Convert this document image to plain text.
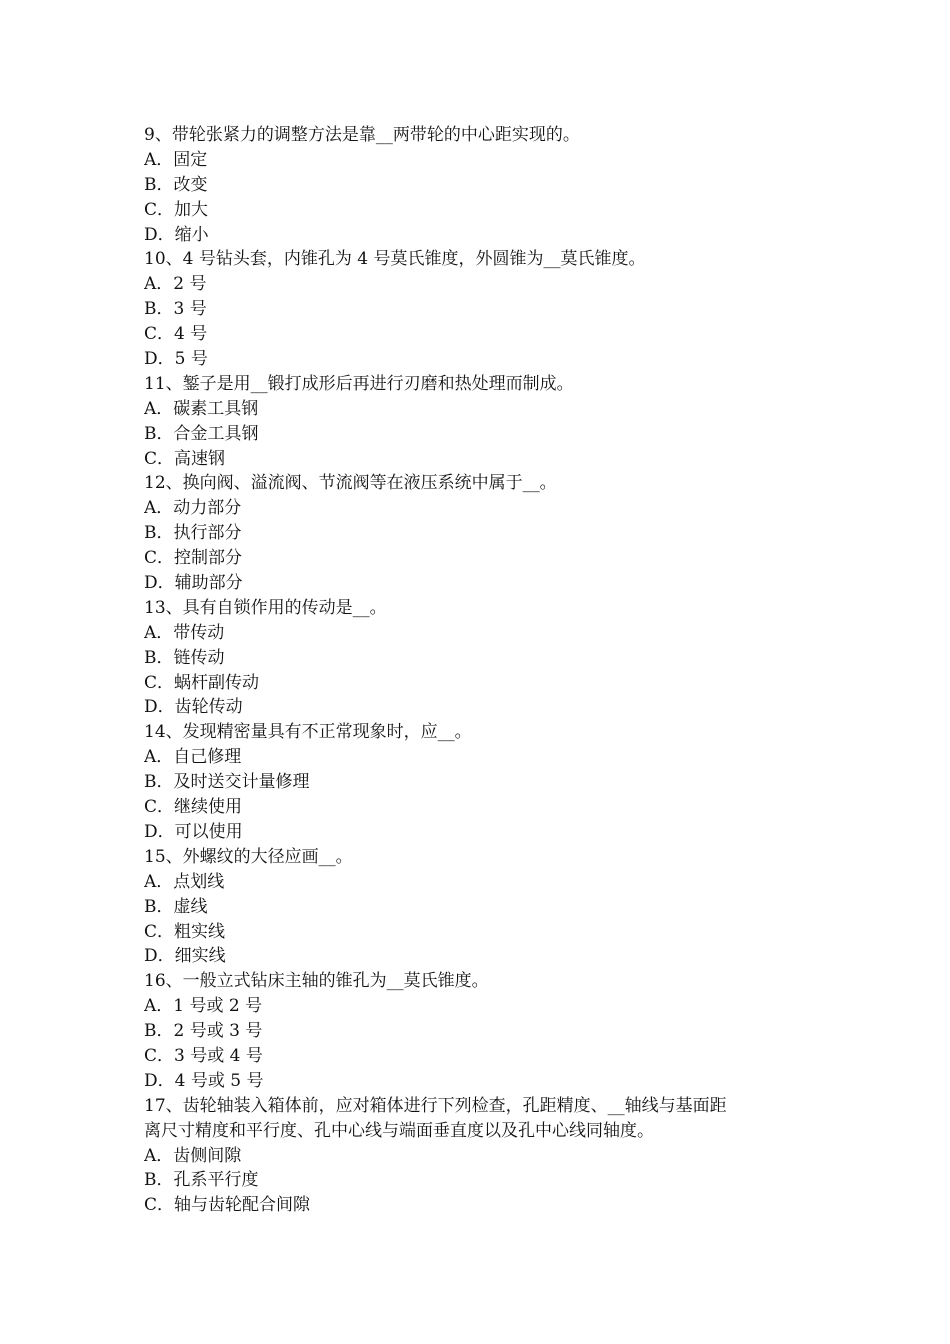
9、带轮张紧力的调整方法是靠__两带轮的中心距实现的。
A．固定
B．改变
C．加大
D．缩小
10、4 号钻头套，内锥孔为 4 号莫氏锥度，外圆锥为__莫氏锥度。
A．2 号
B．3 号
C．4 号
D．5 号
11、錾子是用__锻打成形后再进行刃磨和热处理而制成。
A．碳素工具钢
B．合金工具钢
C．高速钢
12、换向阀、溢流阀、节流阀等在液压系统中属于__。
A．动力部分
B．执行部分
C．控制部分
D．辅助部分
13、具有自锁作用的传动是__。
A．带传动
B．链传动
C．蜗杆副传动
D．齿轮传动
14、发现精密量具有不正常现象时，应__。
A．自己修理
B．及时送交计量修理
C．继续使用
D．可以使用
15、外螺纹的大径应画__。
A．点划线
B．虚线
C．粗实线
D．细实线
16、一般立式钻床主轴的锥孔为__莫氏锥度。
A．1 号或 2 号
B．2 号或 3 号
C．3 号或 4 号
D．4 号或 5 号
17、齿轮轴装入箱体前，应对箱体进行下列检查，孔距精度、__轴线与基面距
离尺寸精度和平行度、孔中心线与端面垂直度以及孔中心线同轴度。
A．齿侧间隙
B．孔系平行度
C．轴与齿轮配合间隙
